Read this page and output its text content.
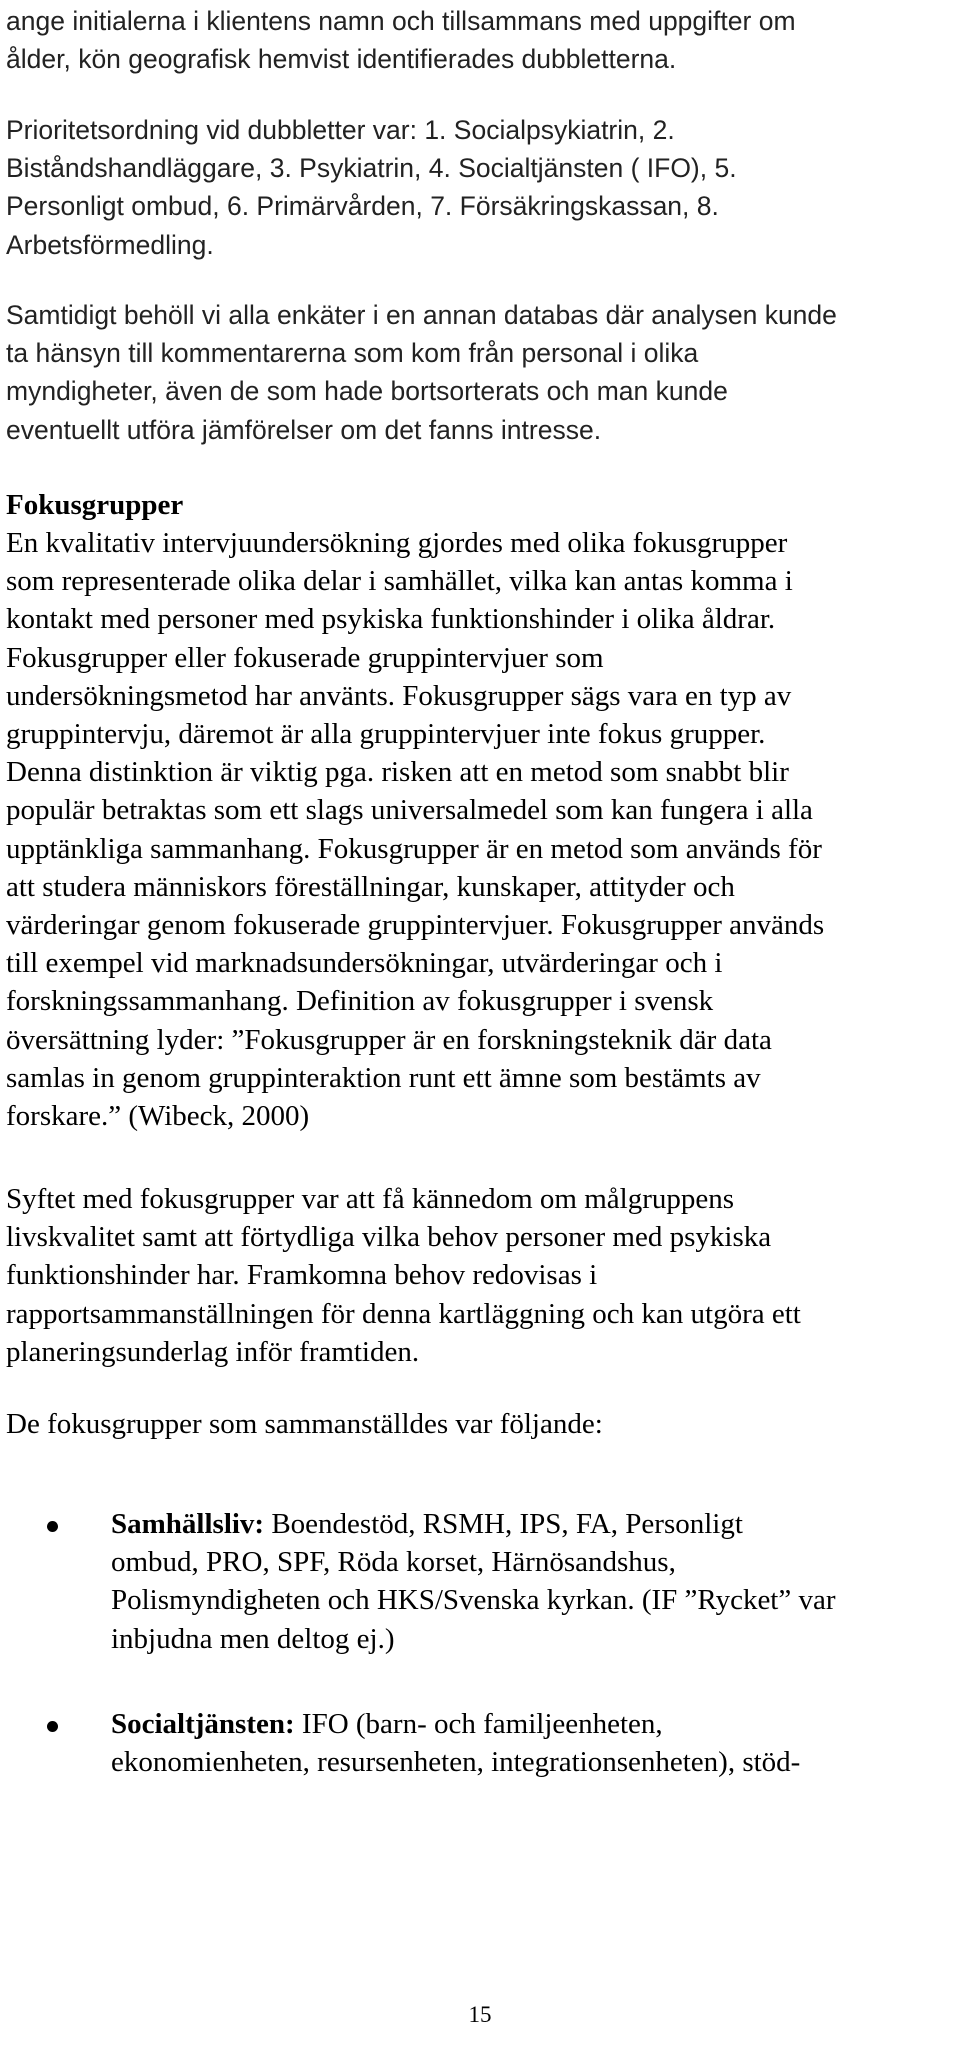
ange initialerna i klientens namn och tillsammans med uppgifter om
ålder, kön geografisk hemvist identifierades dubbletterna.
Prioritetsordning vid dubbletter var: 1. Socialpsykiatrin, 2.
Biståndshandläggare, 3. Psykiatrin, 4. Socialtjänsten ( IFO), 5.
Personligt ombud, 6. Primärvården, 7. Försäkringskassan, 8.
Arbetsförmedling.
Samtidigt behöll vi alla enkäter i en annan databas där analysen kunde
ta hänsyn till kommentarerna som kom från personal i olika
myndigheter, även de som hade bortsorterats och man kunde
eventuellt utföra jämförelser om det fanns intresse.
Fokusgrupper
En kvalitativ intervjuundersökning gjordes med olika fokusgrupper
som representerade olika delar i samhället, vilka kan antas komma i
kontakt med personer med psykiska funktionshinder i olika åldrar.
Fokusgrupper eller fokuserade gruppintervjuer som
undersökningsmetod har använts. Fokusgrupper sägs vara en typ av
gruppintervju, däremot är alla gruppintervjuer inte fokus grupper.
Denna distinktion är viktig pga. risken att en metod som snabbt blir
populär betraktas som ett slags universalmedel som kan fungera i alla
upptänkliga sammanhang. Fokusgrupper är en metod som används för
att studera människors föreställningar, kunskaper, attityder och
värderingar genom fokuserade gruppintervjuer. Fokusgrupper används
till exempel vid marknadsundersökningar, utvärderingar och i
forskningssammanhang. Definition av fokusgrupper i svensk
översättning lyder: ”Fokusgrupper är en forskningsteknik där data
samlas in genom gruppinteraktion runt ett ämne som bestämts av
forskare.” (Wibeck, 2000)
Syftet med fokusgrupper var att få kännedom om målgruppens
livskvalitet samt att förtydliga vilka behov personer med psykiska
funktionshinder har. Framkomna behov redovisas i
rapportsammanställningen för denna kartläggning och kan utgöra ett
planeringsunderlag inför framtiden.
De fokusgrupper som sammanställdes var följande:
Samhällsliv: Boendestöd, RSMH, IPS, FA, Personligt
ombud, PRO, SPF, Röda korset, Härnösandshus,
Polismyndigheten och HKS/Svenska kyrkan. (IF ”Rycket” var
inbjudna men deltog ej.)
Socialtjänsten: IFO (barn- och familjeenheten,
ekonomienheten, resursenheten, integrationsenheten), stöd-
15
